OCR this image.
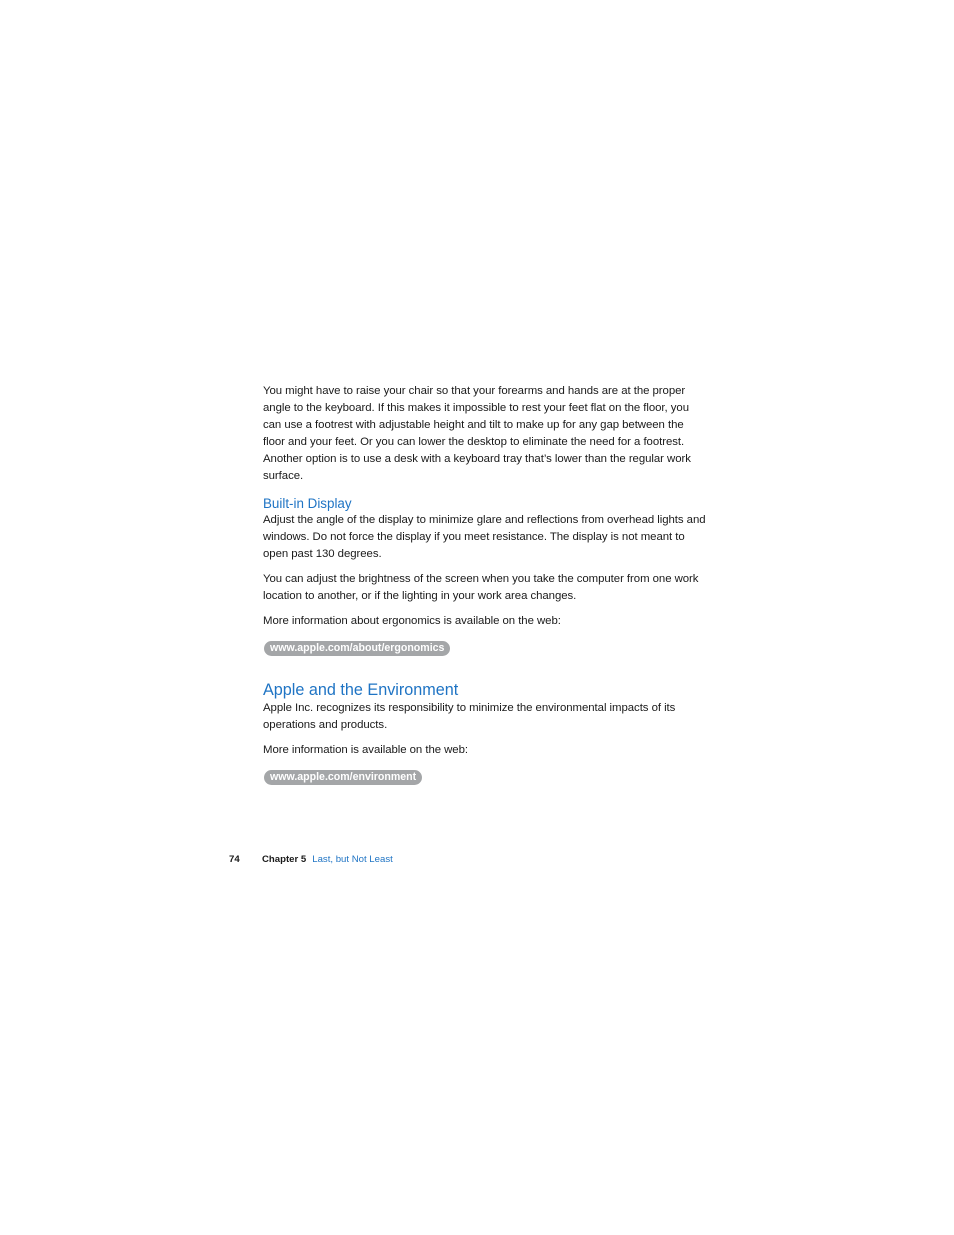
You might have to raise your chair so that your forearms and hands are at the proper angle to the keyboard. If this makes it impossible to rest your feet flat on the floor, you can use a footrest with adjustable height and tilt to make up for any gap between the floor and your feet. Or you can lower the desktop to eliminate the need for a footrest. Another option is to use a desk with a keyboard tray that’s lower than the regular work surface.

Built-in Display

Adjust the angle of the display to minimize glare and reflections from overhead lights and windows. Do not force the display if you meet resistance. The display is not meant to open past 130 degrees.

You can adjust the brightness of the screen when you take the computer from one work location to another, or if the lighting in your work area changes.

More information about ergonomics is available on the web:

www.apple.com/about/ergonomics
Apple and the Environment

Apple Inc. recognizes its responsibility to minimize the environmental impacts of its operations and products.

More information is available on the web:

www.apple.com/environment
74 Chapter 5 Last, but Not Least
